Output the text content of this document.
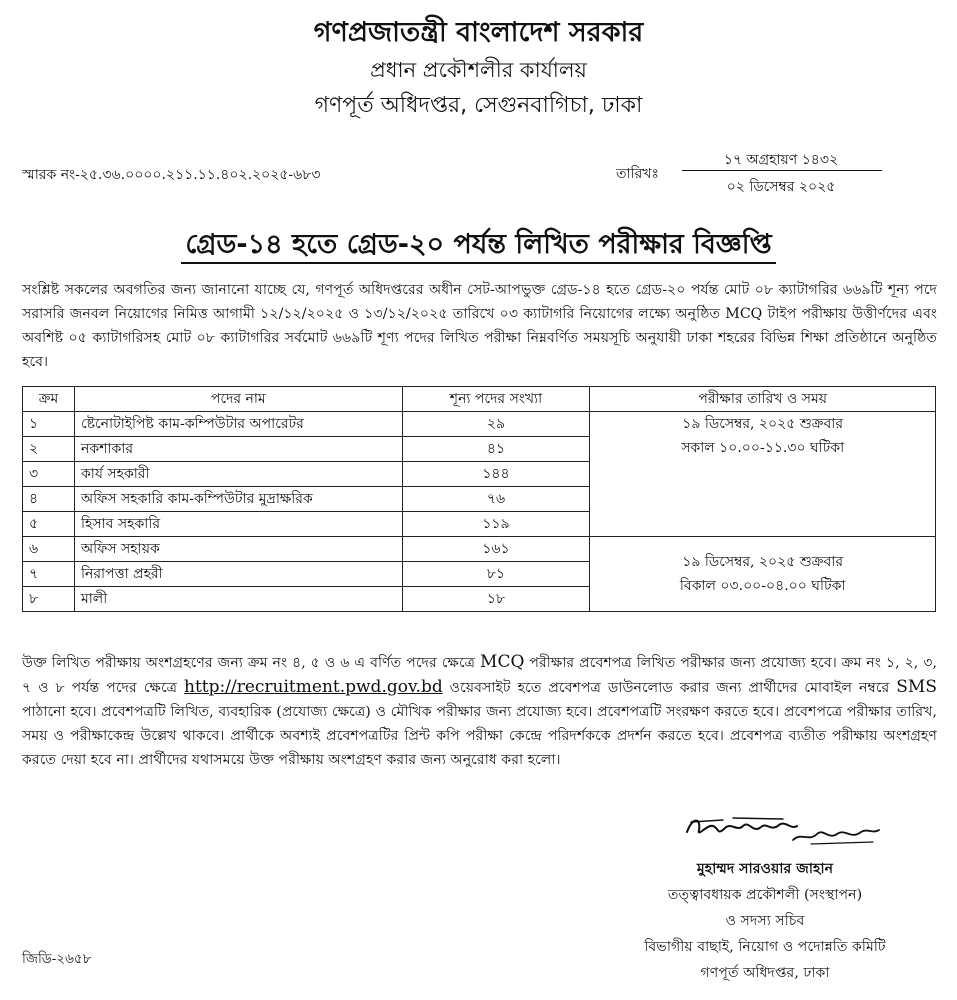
গণপ্রজাতন্ত্রী বাংলাদেশ সরকার
প্রধান প্রকৌশলীর কার্যালয়
গণপূর্ত অধিদপ্তর, সেগুনবাগিচা, ঢাকা
স্মারক নং-২৫.৩৬.০০০০.২১১.১১.৪০২.২০২৫-৬৮৩	তারিখঃ
১৭ অগ্রহায়ণ ১৪৩২
০২ ডিসেম্বর ২০২৫
গ্রেড-১৪ হতে গ্রেড-২০ পর্যন্ত লিখিত পরীক্ষার বিজ্ঞপ্তি

সংশ্লিষ্ট সকলের অবগতির জন্য জানানো যাচ্ছে যে, গণপূর্ত অধিদপ্তরের অধীন সেট-আপভুক্ত গ্রেড-১৪ হতে গ্রেড-২০ পর্যন্ত মোট ০৮ ক্যাটাগরির ৬৬৯টি শূন্য পদে সরাসরি জনবল নিয়োগের নিমিত্ত আগামী ১২/১২/২০২৫ ও ১৩/১২/২০২৫ তারিখে ০৩ ক্যাটাগরি নিয়োগের লক্ষ্যে অনুষ্ঠিত MCQ টাইপ পরীক্ষায় উত্তীর্ণদের এবং অবশিষ্ট ০৫ ক্যাটাগরিসহ মোট ০৮ ক্যাটাগরির সর্বমোট ৬৬৯টি শূণ্য পদের লিখিত পরীক্ষা নিম্নবর্ণিত সময়সূচি অনুযায়ী ঢাকা শহরের বিভিন্ন শিক্ষা প্রতিষ্ঠানে অনুষ্ঠিত হবে।

ক্রম	পদের নাম	শূন্য পদের সংখ্যা	পরীক্ষার তারিখ ও সময়
১	ষ্টেনোটাইপিষ্ট কাম-কম্পিউটার অপারেটর	২৯	১৯ ডিসেম্বর, ২০২৫ শুক্রবার
সকাল ১০.০০-১১.৩০ ঘটিকা

২	নকশাকার	৪১	
৩	কার্য সহকারী	১৪৪	
৪	অফিস সহকারি কাম-কম্পিউটার মুদ্রাক্ষরিক	৭৬	
৫	হিসাব সহকারি	১১৯	
৬	অফিস সহায়ক	১৬১	১৯ ডিসেম্বর, ২০২৫ শুক্রবার
বিকাল ০৩.০০-০৪.০০ ঘটিকা

৭	নিরাপত্তা প্রহরী	৮১	
৮	মালী	১৮	

উক্ত লিখিত পরীক্ষায় অংশগ্রহণের জন্য ক্রম নং ৪, ৫ ও ৬ এ বর্ণিত পদের ক্ষেত্রে MCQ পরীক্ষার প্রবেশপত্র লিখিত পরীক্ষার জন্য প্রযোজ্য হবে। ক্রম নং ১, ২, ৩, ৭ ও ৮ পর্যন্ত পদের ক্ষেত্রে http://recruitment.pwd.gov.bd ওয়েবসাইট হতে প্রবেশপত্র ডাউনলোড করার জন্য প্রার্থীদের মোবাইল নম্বরে SMS পাঠানো হবে। প্রবেশপত্রটি লিখিত, ব্যবহারিক (প্রযোজ্য ক্ষেত্রে) ও মৌখিক পরীক্ষার জন্য প্রযোজ্য হবে। প্রবেশপত্রটি সংরক্ষণ করতে হবে। প্রবেশপত্রে পরীক্ষার তারিখ, সময় ও পরীক্ষাকেন্দ্র উল্লেখ থাকবে। প্রার্থীকে অবশ্যই প্রবেশপত্রটির প্রিন্ট কপি পরীক্ষা কেন্দ্রে পরিদর্শককে প্রদর্শন করতে হবে। প্রবেশপত্র ব্যতীত পরীক্ষায় অংশগ্রহণ করতে দেয়া হবে না। প্রার্থীদের যথাসময়ে উক্ত পরীক্ষায় অংশগ্রহণ করার জন্য অনুরোধ করা হলো।

মুহাম্মদ সারওয়ার জাহান
তত্ত্বাবধায়ক প্রকৌশলী (সংস্থাপন)
ও সদস্য সচিব
বিভাগীয় বাছাই, নিয়োগ ও পদোন্নতি কমিটি
গণপূর্ত অধিদপ্তর, ঢাকা
জিডি-২৬৫৮
